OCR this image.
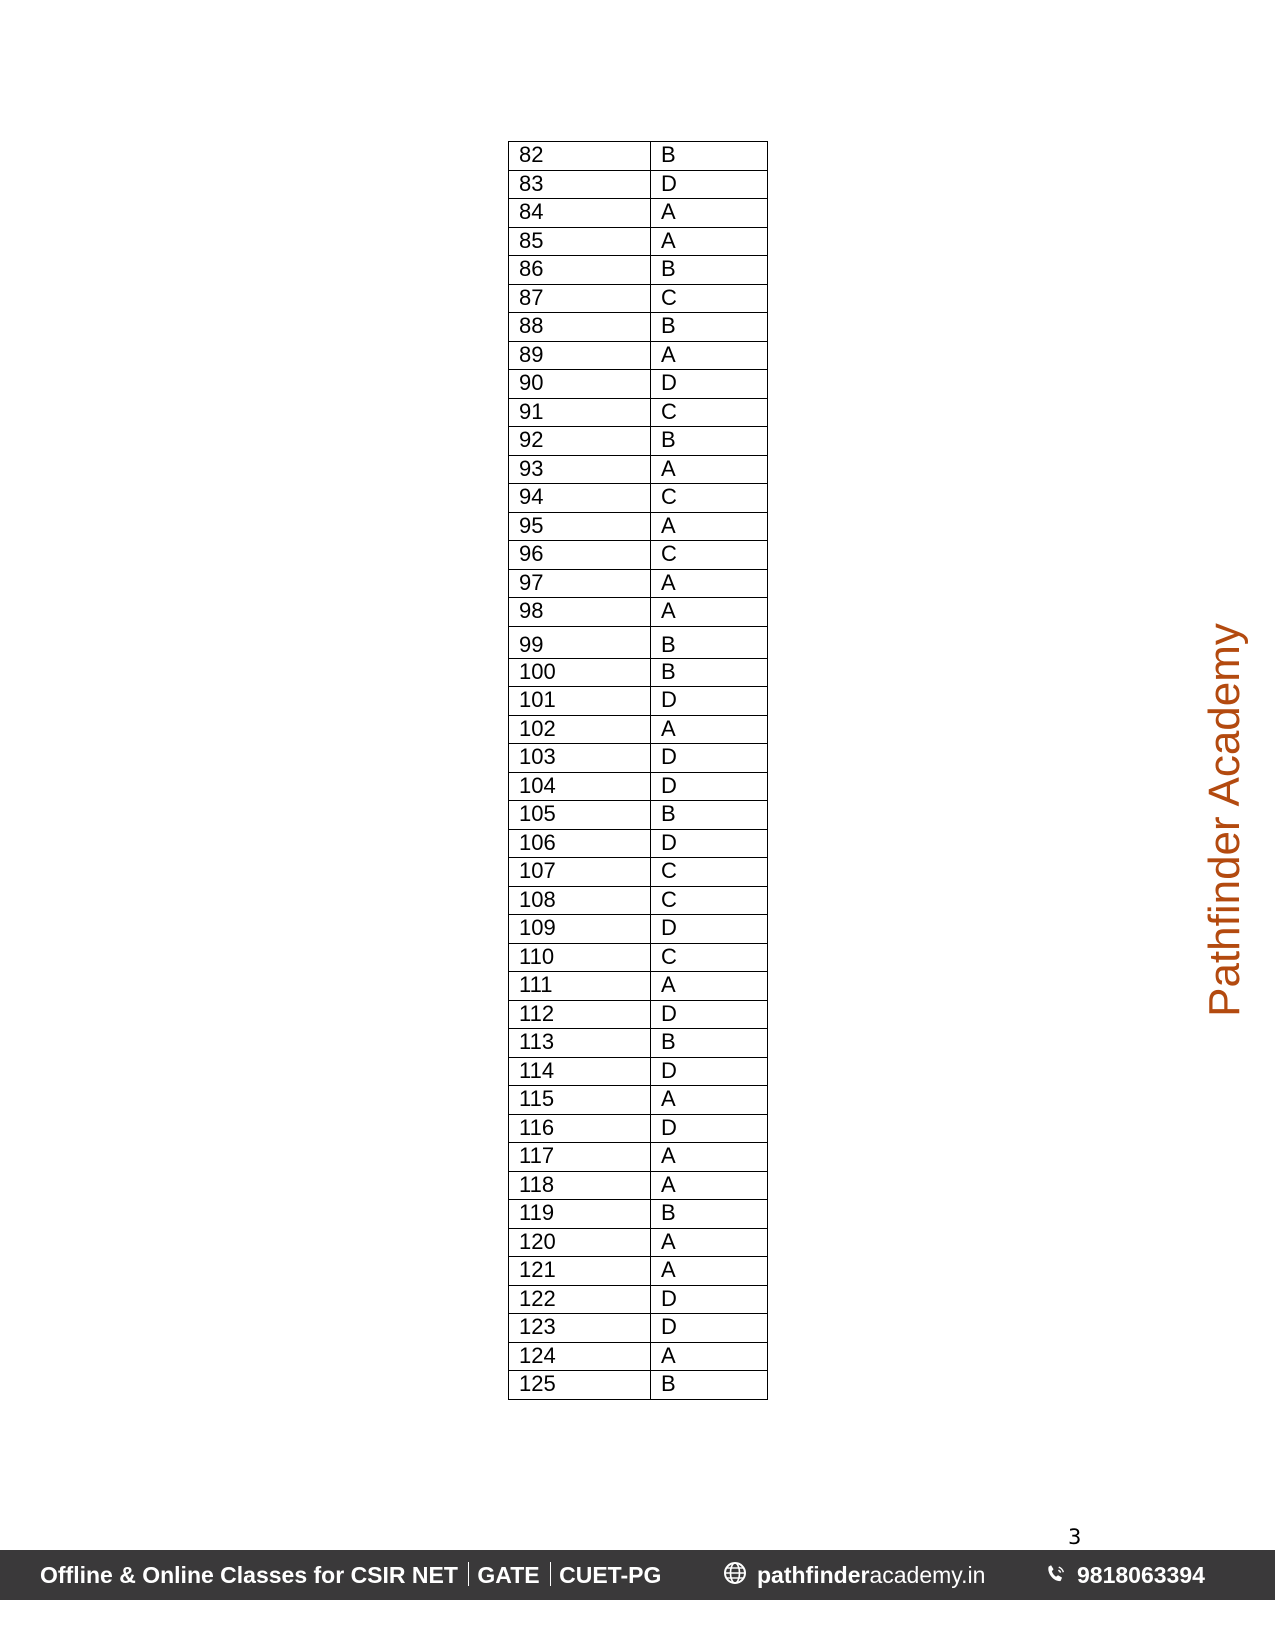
82	B
83	D
84	A
85	A
86	B
87	C
88	B
89	A
90	D
91	C
92	B
93	A
94	C
95	A
96	C
97	A
98	A
99	B
100	B
101	D
102	A
103	D
104	D
105	B
106	D
107	C
108	C
109	D
110	C
111	A
112	D
113	B
114	D
115	A
116	D
117	A
118	A
119	B
120	A
121	A
122	D
123	D
124	A
125	B
Pathfinder Academy
3
Offline & Online Classes for CSIR NET GATE CUET-PG	pathfinderacademy.in	9818063394
